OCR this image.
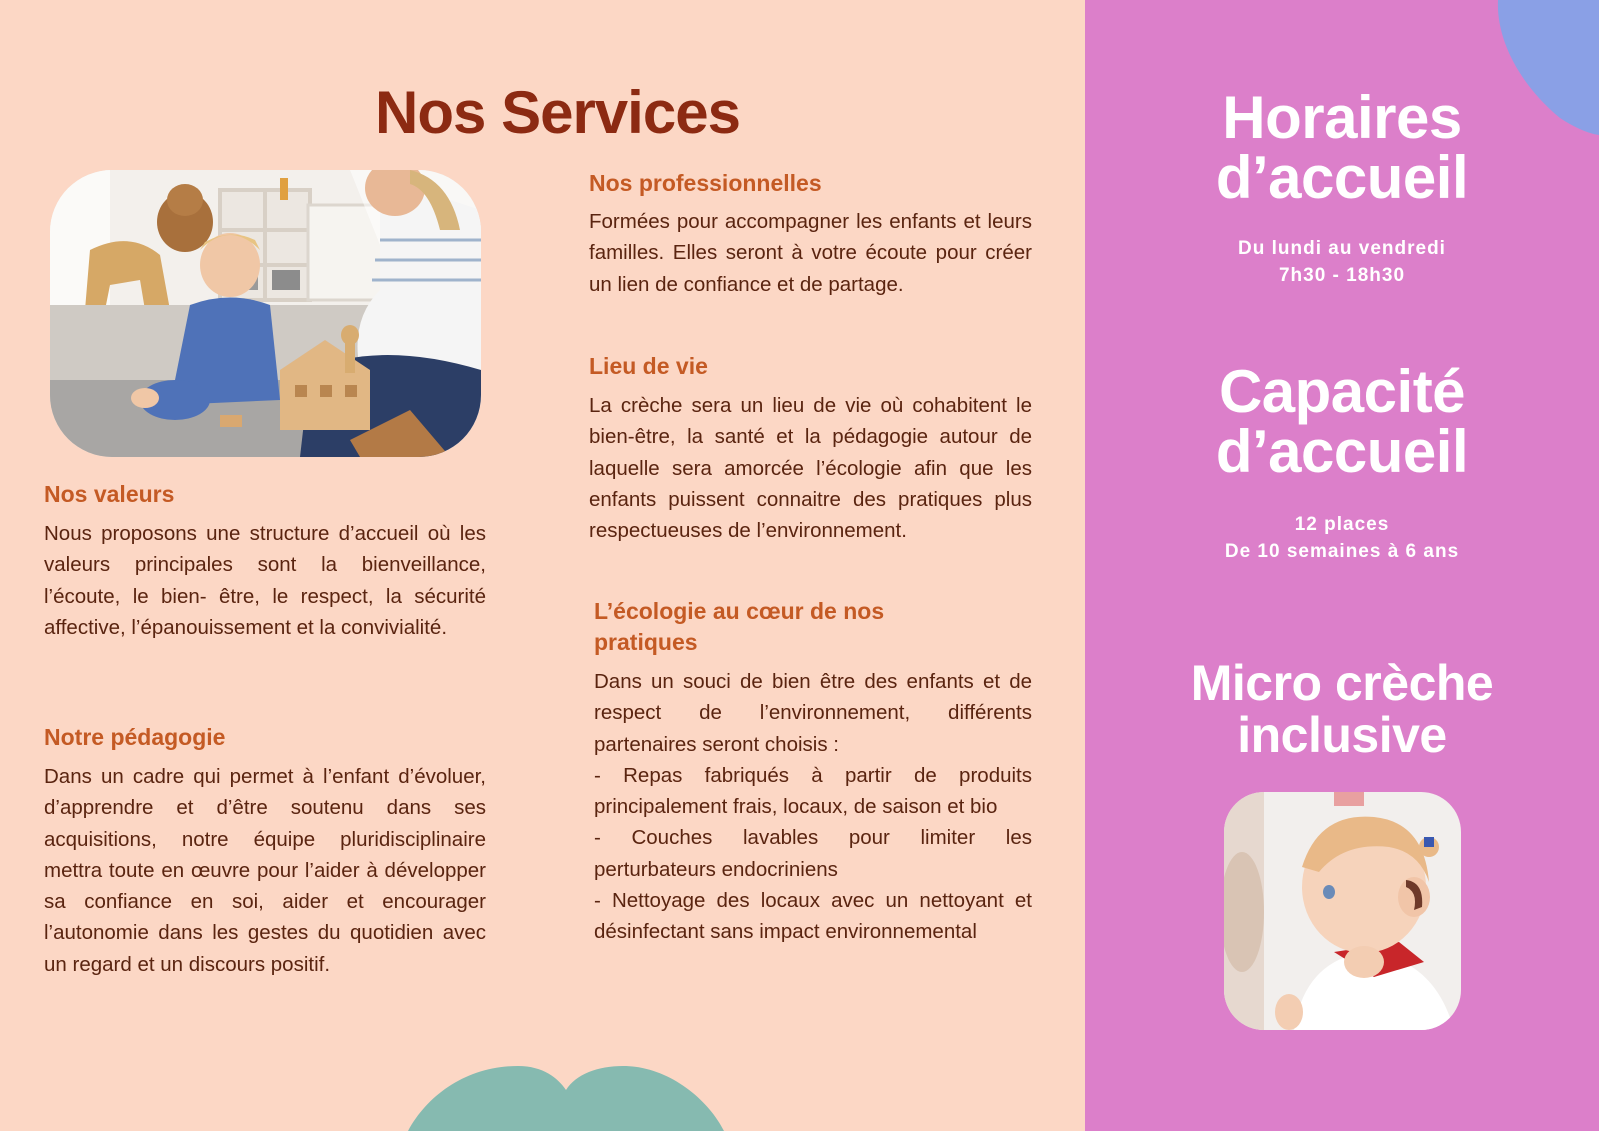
Nos Services
Nos valeurs

Nous proposons une structure d’accueil où les valeurs principales sont la bienveillance, l’écoute, le bien- être, le respect, la sécurité affective, l’épanouissement et la convivialité.

Notre pédagogie

Dans un cadre qui permet à l’enfant d’évoluer, d’apprendre et d’être soutenu dans ses acquisitions, notre équipe pluridisciplinaire mettra toute en œuvre pour l’aider à développer sa confiance en soi, aider et encourager l’autonomie dans les gestes du quotidien avec un regard et un discours positif.

Nos professionnelles

Formées pour accompagner les enfants et leurs familles. Elles seront à votre écoute pour créer un lien de confiance et de partage.

Lieu de vie

La crèche sera un lieu de vie où cohabitent le bien-être, la santé et la pédagogie autour de laquelle sera amorcée l’écologie afin que les enfants puissent connaitre des pratiques plus respectueuses de l’environnement.

L’écologie au cœur de nos pratiques
Dans un souci de bien être des enfants et de respect de l’environnement, différents partenaires seront choisis :
- Repas fabriqués à partir de produits principalement frais, locaux, de saison et bio
- Couches lavables pour limiter les perturbateurs endocriniens
- Nettoyage des locaux avec un nettoyant et désinfectant sans impact environnemental
Horaires
d’accueil

Du lundi au vendredi
7h30 - 18h30

Capacité
d’accueil

12 places
De 10 semaines à 6 ans

Micro crèche
inclusive
